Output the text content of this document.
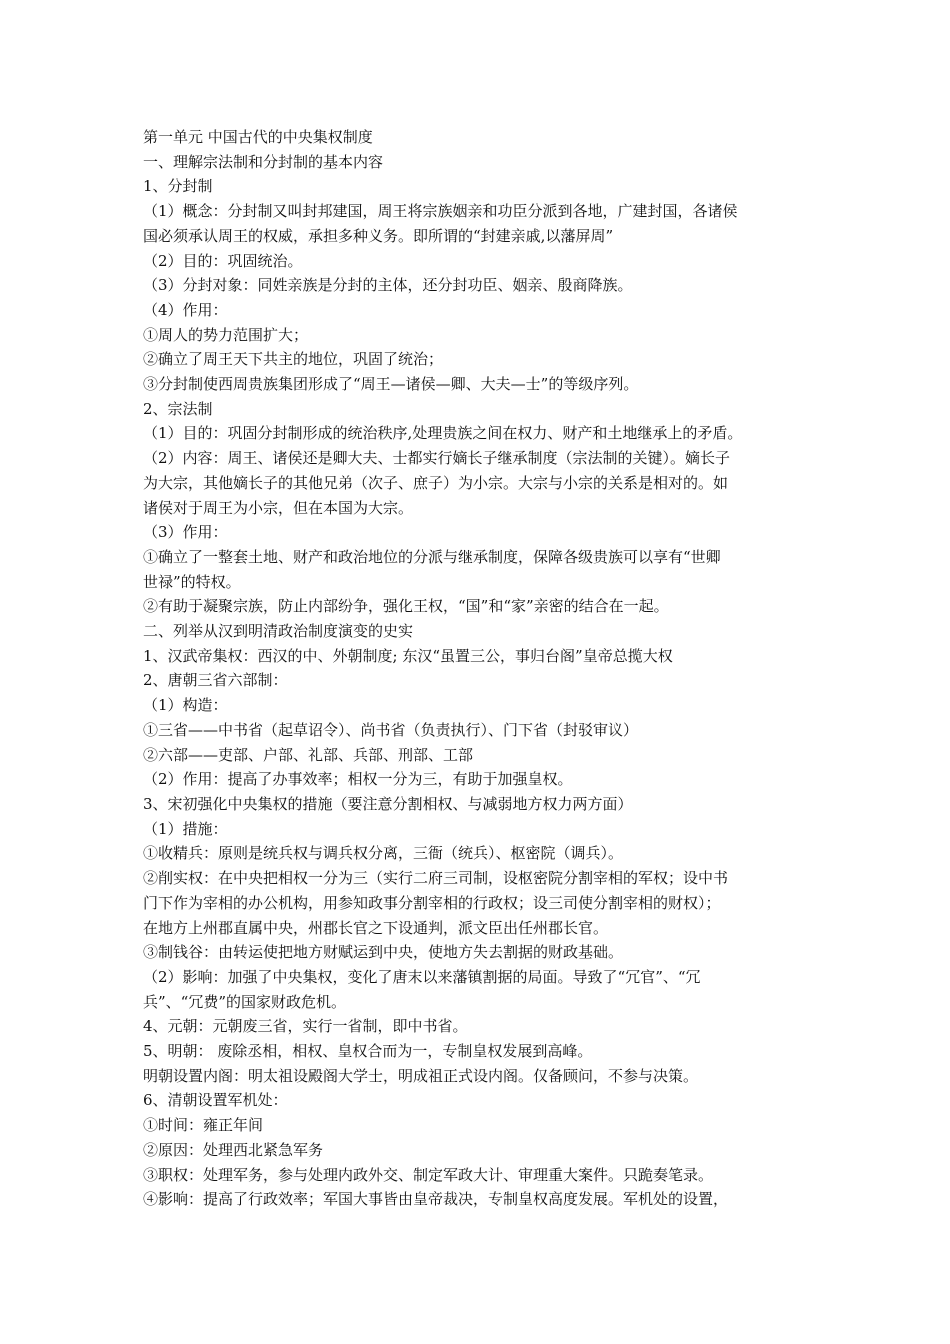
第一单元 中国古代的中央集权制度

一、理解宗法制和分封制的基本内容

1、分封制

（1）概念：分封制又叫封邦建国，周王将宗族姻亲和功臣分派到各地，广建封国，各诸侯

国必须承认周王的权威，承担多种义务。即所谓的“封建亲戚,以藩屏周”

（2）目的：巩固统治。

（3）分封对象：同姓亲族是分封的主体，还分封功臣、姻亲、殷商降族。

（4）作用：

①周人的势力范围扩大；

②确立了周王天下共主的地位，巩固了统治；

③分封制使西周贵族集团形成了“周王—诸侯—卿、大夫—士”的等级序列。

2、宗法制

（1）目的：巩固分封制形成的统治秩序,处理贵族之间在权力、财产和土地继承上的矛盾。

（2）内容：周王、诸侯还是卿大夫、士都实行嫡长子继承制度（宗法制的关键）。嫡长子

为大宗，其他嫡长子的其他兄弟（次子、庶子）为小宗。大宗与小宗的关系是相对的。如

诸侯对于周王为小宗，但在本国为大宗。

（3）作用：

①确立了一整套土地、财产和政治地位的分派与继承制度，保障各级贵族可以享有“世卿

世禄”的特权。

②有助于凝聚宗族，防止内部纷争，强化王权，“国”和“家”亲密的结合在一起。

二、列举从汉到明清政治制度演变的史实

1、汉武帝集权：西汉的中、外朝制度; 东汉“虽置三公，事归台阁”皇帝总揽大权

2、唐朝三省六部制：

（1）构造：

①三省——中书省（起草诏令）、尚书省（负责执行）、门下省（封驳审议）

②六部——吏部、户部、礼部、兵部、刑部、工部

（2）作用：提高了办事效率；相权一分为三，有助于加强皇权。

3、宋初强化中央集权的措施（要注意分割相权、与减弱地方权力两方面）

（1）措施：

①收精兵：原则是统兵权与调兵权分离，三衙（统兵）、枢密院（调兵）。

②削实权：在中央把相权一分为三（实行二府三司制，设枢密院分割宰相的军权；设中书

门下作为宰相的办公机构，用参知政事分割宰相的行政权；设三司使分割宰相的财权）；

在地方上州郡直属中央，州郡长官之下设通判，派文臣出任州郡长官。

③制钱谷：由转运使把地方财赋运到中央，使地方失去割据的财政基础。

（2）影响：加强了中央集权，变化了唐末以来藩镇割据的局面。导致了“冗官”、“冗

兵”、“冗费”的国家财政危机。

4、元朝：元朝废三省，实行一省制，即中书省。

5、明朝： 废除丞相，相权、皇权合而为一，专制皇权发展到高峰。

明朝设置内阁：明太祖设殿阁大学士，明成祖正式设内阁。仅备顾问，不参与决策。

6、清朝设置军机处：

①时间：雍正年间

②原因：处理西北紧急军务

③职权：处理军务，参与处理内政外交、制定军政大计、审理重大案件。只跪奏笔录。

④影响：提高了行政效率；军国大事皆由皇帝裁决，专制皇权高度发展。军机处的设置，
